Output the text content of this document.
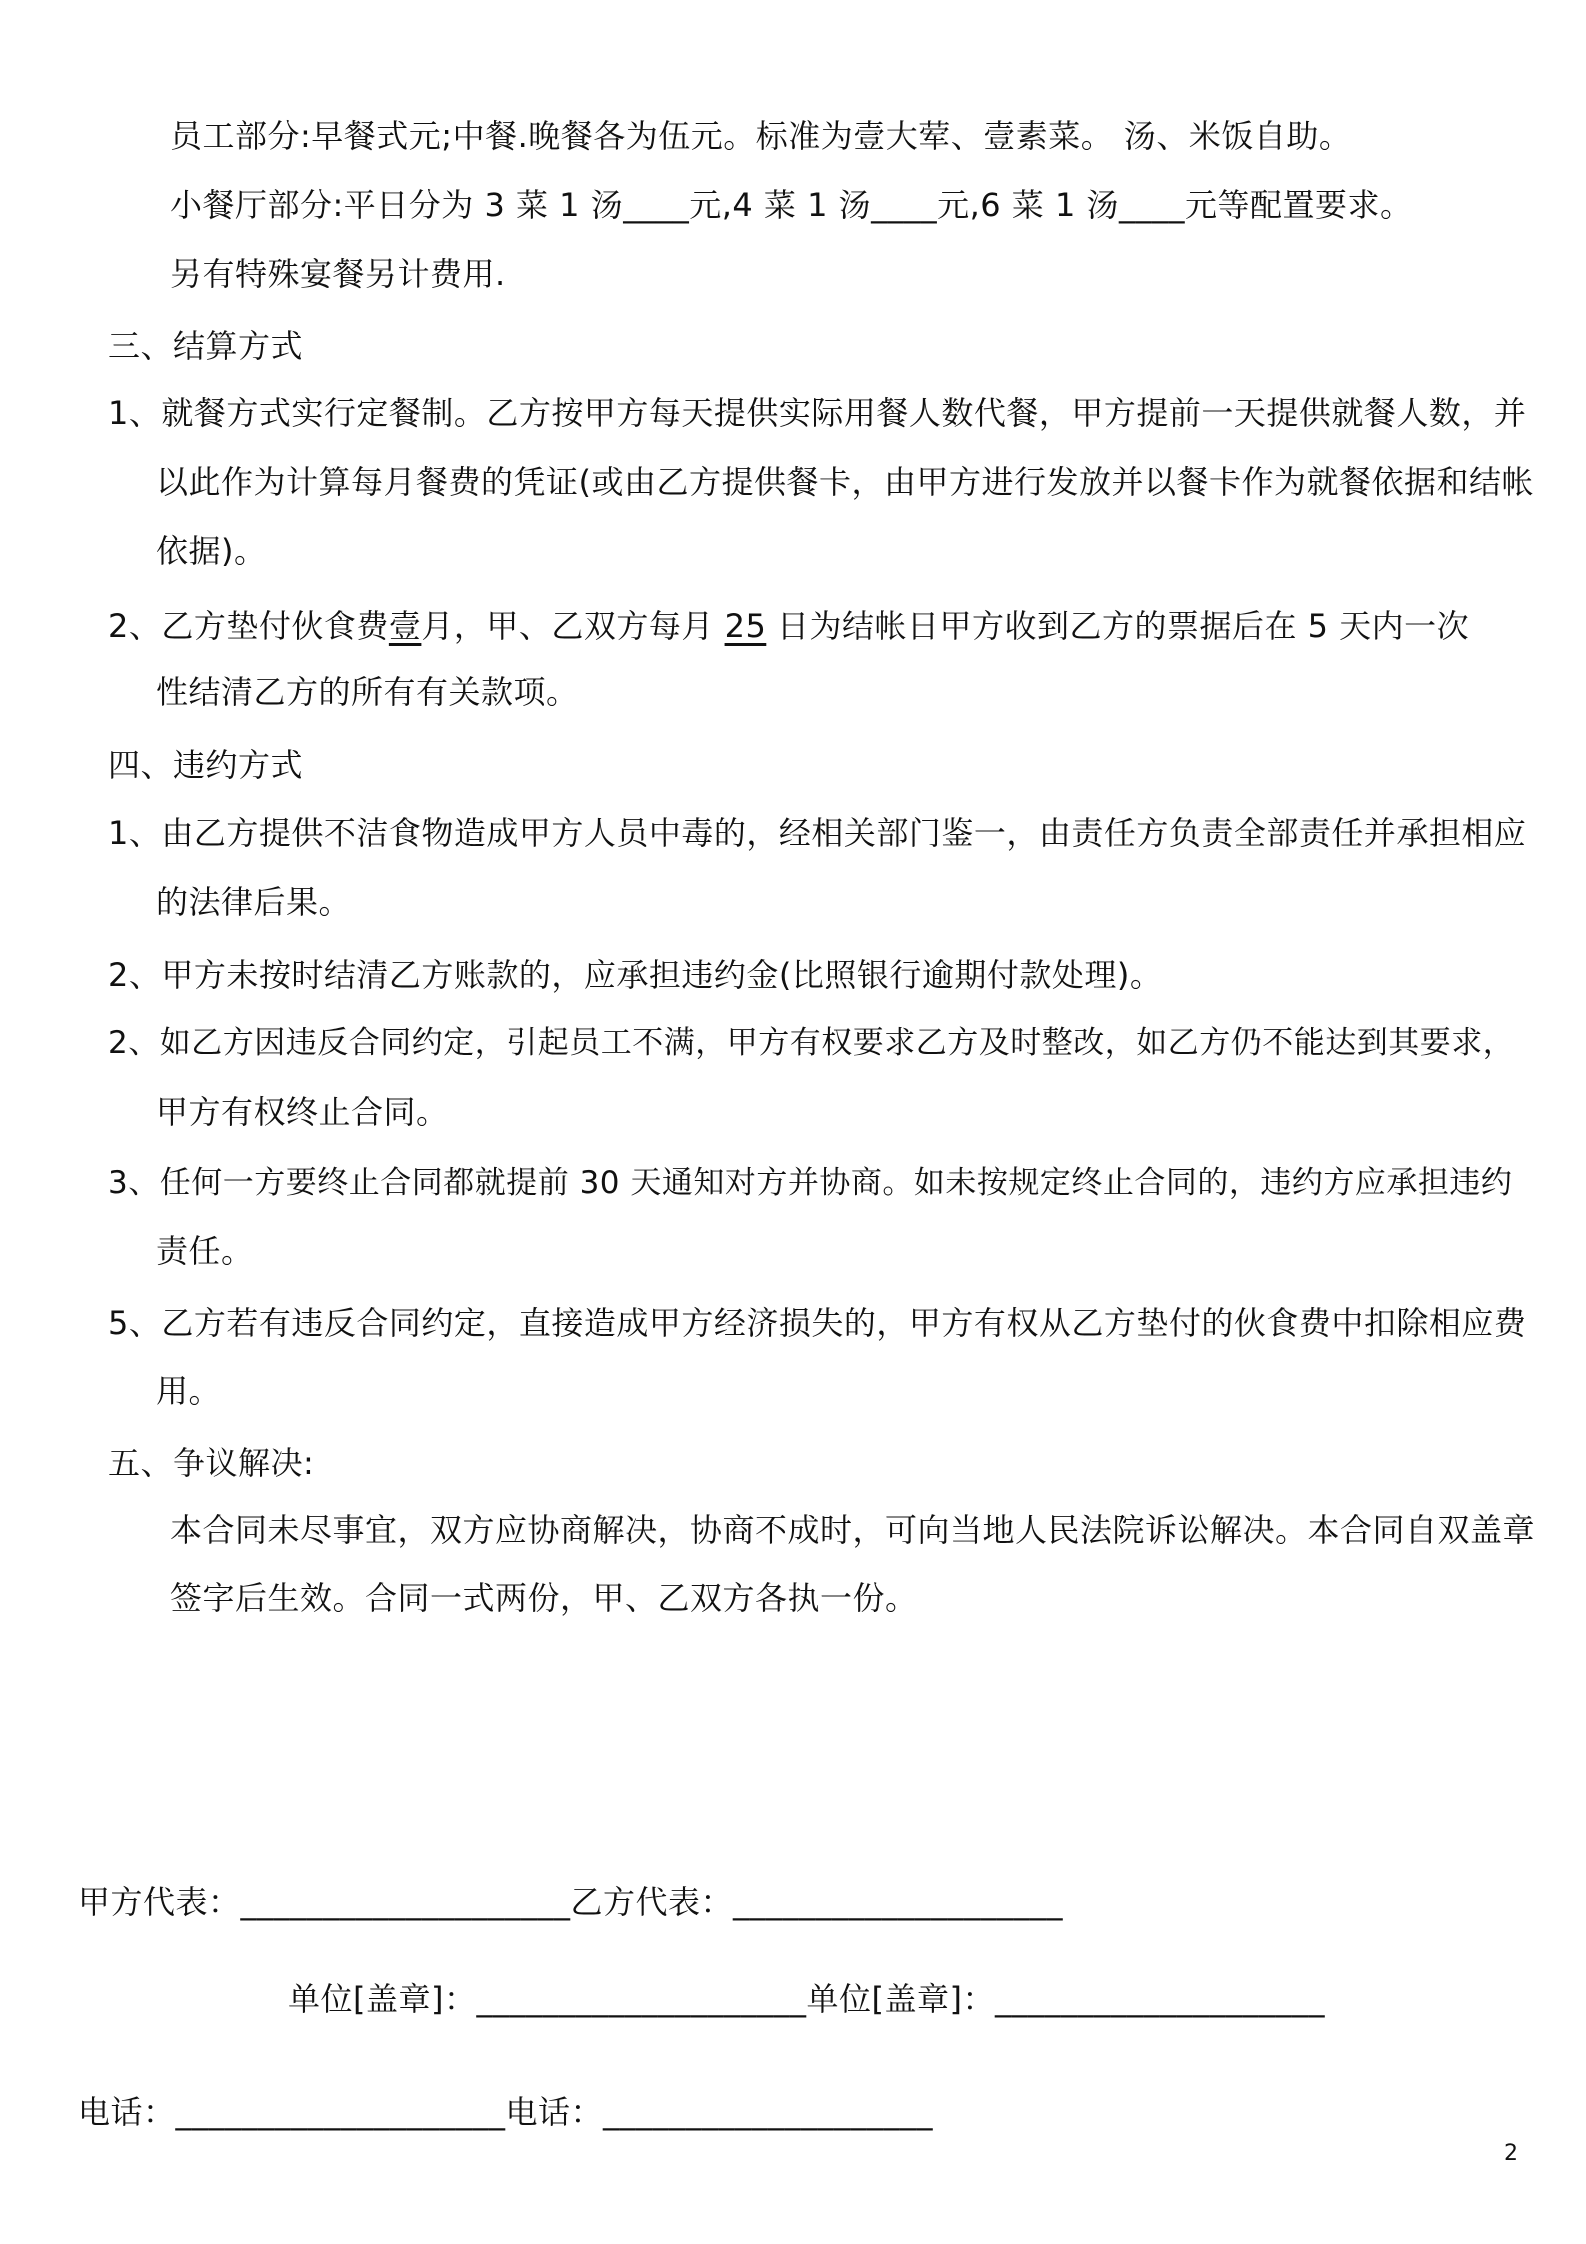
员工部分:早餐式元;中餐.晚餐各为伍元。标准为壹大荤、壹素菜。 汤、米饭自助。
小餐厅部分:平日分为 3 菜 1 汤____元,4 菜 1 汤____元,6 菜 1 汤____元等配置要求。
另有特殊宴餐另计费用.
三、结算方式
1、就餐方式实行定餐制。乙方按甲方每天提供实际用餐人数代餐，甲方提前一天提供就餐人数，并
以此作为计算每月餐费的凭证(或由乙方提供餐卡，由甲方进行发放并以餐卡作为就餐依据和结帐
依据)。
2、乙方垫付伙食费壹月，甲、乙双方每月 25 日为结帐日甲方收到乙方的票据后在 5 天内一次
性结清乙方的所有有关款项。
四、违约方式
1、由乙方提供不洁食物造成甲方人员中毒的，经相关部门鉴一，由责任方负责全部责任并承担相应
的法律后果。
2、甲方未按时结清乙方账款的，应承担违约金(比照银行逾期付款处理)。
2、如乙方因违反合同约定，引起员工不满，甲方有权要求乙方及时整改，如乙方仍不能达到其要求，
甲方有权终止合同。
3、任何一方要终止合同都就提前 30 天通知对方并协商。如未按规定终止合同的，违约方应承担违约
责任。
5、乙方若有违反合同约定，直接造成甲方经济损失的，甲方有权从乙方垫付的伙食费中扣除相应费
用。
五、争议解决:
本合同未尽事宜，双方应协商解决，协商不成时，可向当地人民法院诉讼解决。本合同自双盖章
签字后生效。合同一式两份，甲、乙双方各执一份。
甲方代表：____________________乙方代表：____________________
单位[盖章]：____________________单位[盖章]：____________________
电话：____________________电话：____________________
2
